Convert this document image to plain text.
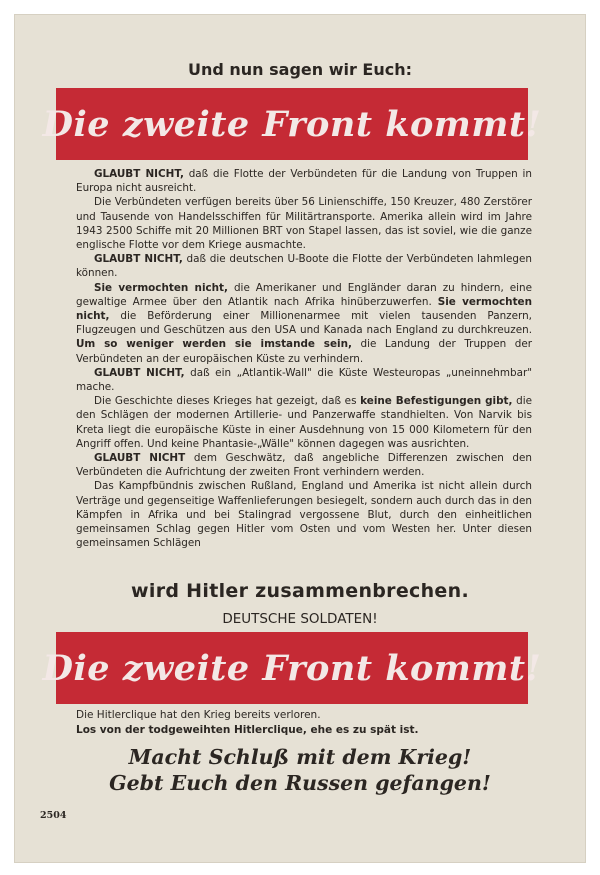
Und nun sagen wir Euch:
Die zweite Front kommt!

GLAUBT NICHT, daß die Flotte der Verbündeten für die Landung von Truppen in Europa nicht ausreicht.

Die Verbündeten verfügen bereits über 56 Linienschiffe, 150 Kreuzer, 480 Zerstörer und Tausende von Handelsschiffen für Militärtransporte. Amerika allein wird im Jahre 1943 2500 Schiffe mit 20 Millionen BRT von Stapel lassen, das ist soviel, wie die ganze englische Flotte vor dem Kriege ausmachte.

GLAUBT NICHT, daß die deutschen U-Boote die Flotte der Verbündeten lahmlegen können.

Sie vermochten nicht, die Amerikaner und Engländer daran zu hindern, eine gewaltige Armee über den Atlantik nach Afrika hinüberzuwerfen. Sie vermochten nicht, die Beförderung einer Millionenarmee mit vielen tausenden Panzern, Flugzeugen und Geschützen aus den USA und Kanada nach England zu durchkreuzen. Um so weniger werden sie imstande sein, die Landung der Truppen der Verbündeten an der europäischen Küste zu verhindern.

GLAUBT NICHT, daß ein „Atlantik-Wall" die Küste Westeuropas „uneinnehmbar" mache.

Die Geschichte dieses Krieges hat gezeigt, daß es keine Befestigungen gibt, die den Schlägen der modernen Artillerie- und Panzerwaffe standhielten. Von Narvik bis Kreta liegt die europäische Küste in einer Ausdehnung von 15 000 Kilometern für den Angriff offen. Und keine Phantasie-„Wälle" können dagegen was ausrichten.

GLAUBT NICHT dem Geschwätz, daß angebliche Differenzen zwischen den Verbündeten die Aufrichtung der zweiten Front verhindern werden.

Das Kampfbündnis zwischen Rußland, England und Amerika ist nicht allein durch Verträge und gegenseitige Waffenlieferungen besiegelt, sondern auch durch das in den Kämpfen in Afrika und bei Stalingrad vergossene Blut, durch den einheitlichen gemeinsamen Schlag gegen Hitler vom Osten und vom Westen her. Unter diesen gemeinsamen Schlägen

wird Hitler zusammenbrechen.
DEUTSCHE SOLDATEN!
Die zweite Front kommt!
Die Hitlerclique hat den Krieg bereits verloren.
Los von der todgeweihten Hitlerclique, ehe es zu spät ist.
Macht Schluß mit dem Krieg!
Gebt Euch den Russen gefangen!
2504
